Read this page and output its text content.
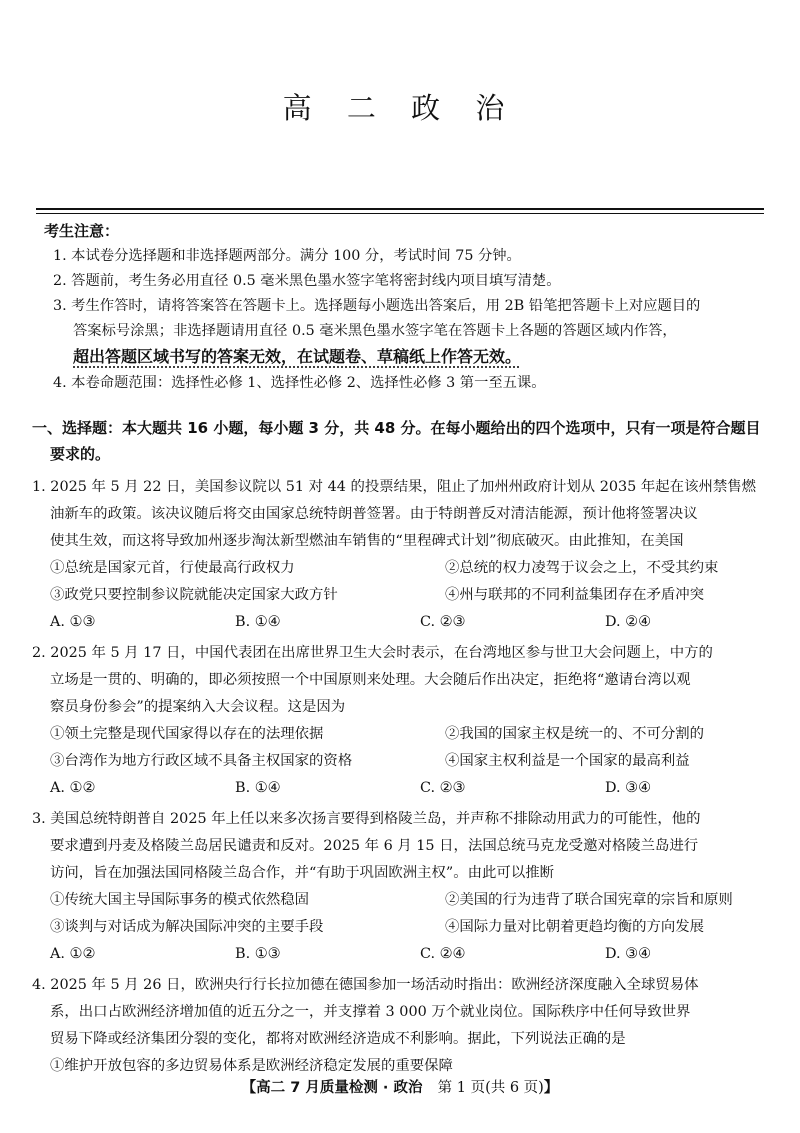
高 二 政 治
考生注意：
1. 本试卷分选择题和非选择题两部分。满分 100 分，考试时间 75 分钟。
2. 答题前，考生务必用直径 0.5 毫米黑色墨水签字笔将密封线内项目填写清楚。
3. 考生作答时，请将答案答在答题卡上。选择题每小题选出答案后，用 2B 铅笔把答题卡上对应题目的
答案标号涂黑；非选择题请用直径 0.5 毫米黑色墨水签字笔在答题卡上各题的答题区域内作答，
超出答题区域书写的答案无效，在试题卷、草稿纸上作答无效。
4. 本卷命题范围：选择性必修 1、选择性必修 2、选择性必修 3 第一至五课。
一、选择题：本大题共 16 小题，每小题 3 分，共 48 分。在每小题给出的四个选项中，只有一项是符合题目
要求的。

1. 2025 年 5 月 22 日，美国参议院以 51 对 44 的投票结果，阻止了加州州政府计划从 2035 年起在该州禁售燃

油新车的政策。该决议随后将交由国家总统特朗普签署。由于特朗普反对清洁能源，预计他将签署决议

使其生效，而这将导致加州逐步淘汰新型燃油车销售的“里程碑式计划”彻底破灭。由此推知，在美国

①总统是国家元首，行使最高行政权力	②总统的权力凌驾于议会之上，不受其约束
③政党只要控制参议院就能决定国家大政方针	④州与联邦的不同利益集团存在矛盾冲突
A. ①③	B. ①④	C. ②③	D. ②④

2. 2025 年 5 月 17 日，中国代表团在出席世界卫生大会时表示，在台湾地区参与世卫大会问题上，中方的

立场是一贯的、明确的，即必须按照一个中国原则来处理。大会随后作出决定，拒绝将“邀请台湾以观

察员身份参会”的提案纳入大会议程。这是因为

①领土完整是现代国家得以存在的法理依据	②我国的国家主权是统一的、不可分割的
③台湾作为地方行政区域不具备主权国家的资格	④国家主权利益是一个国家的最高利益
A. ①②	B. ①④	C. ②③	D. ③④

3. 美国总统特朗普自 2025 年上任以来多次扬言要得到格陵兰岛，并声称不排除动用武力的可能性，他的

要求遭到丹麦及格陵兰岛居民谴责和反对。2025 年 6 月 15 日，法国总统马克龙受邀对格陵兰岛进行

访问，旨在加强法国同格陵兰岛合作，并“有助于巩固欧洲主权”。由此可以推断

①传统大国主导国际事务的模式依然稳固	②美国的行为违背了联合国宪章的宗旨和原则
③谈判与对话成为解决国际冲突的主要手段	④国际力量对比朝着更趋均衡的方向发展
A. ①②	B. ①③	C. ②④	D. ③④

4. 2025 年 5 月 26 日，欧洲央行行长拉加德在德国参加一场活动时指出：欧洲经济深度融入全球贸易体

系，出口占欧洲经济增加值的近五分之一，并支撑着 3 000 万个就业岗位。国际秩序中任何导致世界

贸易下降或经济集团分裂的变化，都将对欧洲经济造成不利影响。据此，下列说法正确的是

①维护开放包容的多边贸易体系是欧洲经济稳定发展的重要保障
【高二 7 月质量检测 · 政治 第 1 页(共 6 页)】
